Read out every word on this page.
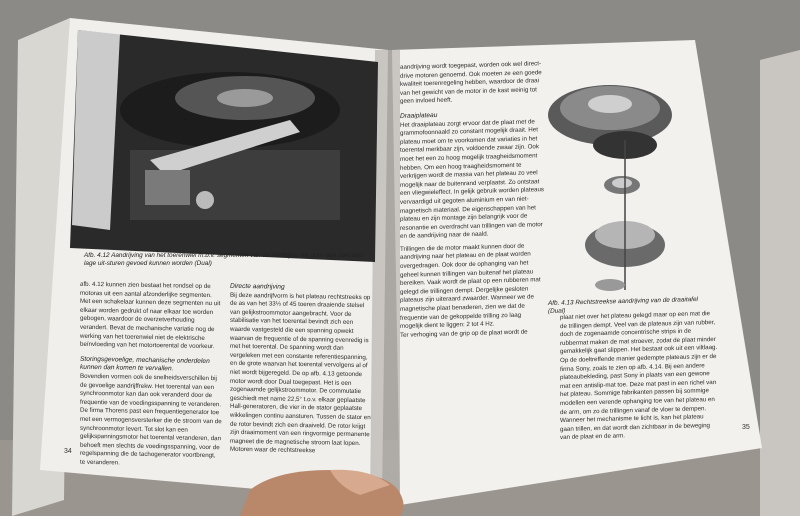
Afb. 4.12 Aandrijving van het toerenwiel m.b.v. segmenten van de aandrijfas die door een constant-lage uit-sturen gevoed kunnen worden (Dual)
afb. 4.12 kunnen zien bestaat het rondsel op de motoras uit een aantal afzonderlijke segmenten. Met een schakelaar kunnen deze segmenten nu uit elkaar worden gedrukt of naar elkaar toe worden gebogen, waardoor de overzetverhouding verandert. Bevat de mechanische variatie nog de werking van het toerenwiel niet de elektrische beïnvloeding van het motortoerental de voorkeur.
Storingsgevoelige, mechanische onderdelen kunnen dan komen te vervallen.
Bovendien vormen ook de snelheidsverschillen bij de gevoelige aandrijffrekw. Het toerental van een synchroonmotor kan dan ook veranderd door de frequentie van de voedingsspanning te veranderen. De firma Thorens past een frequentiegenerator toe met een vermogensversterker die de stroom van de synchroonmotor levert. Tot slot kan een gelijkspanningsmotor het toerental veranderen, dan behoeft men slechts de voedingsspanning, voor de regelspanning die de tachogenerator voortbrengt, te veranderen.
Directe aandrijving
Bij deze aandrijfvorm is het plateau rechtstreeks op de as van het 33⅓ of 45 toeren draaiende stelsel van gelijkstroommotor aangebracht. Voor de stabilisatie van het toerental bevindt zich een waarde vastgesteld die een spanning opwekt waarvan de frequentie of de spanning evenredig is met het toerental. De spanning wordt dan vergeleken met een constante referentiespanning, en de grote waarvan het toerental vervolgens al of niet wordt bijgeregeld. De op afb. 4.13 getoonde motor wordt door Dual toegepast. Het is een zogenaamde gelijkstroommotor. De commutatie geschiedt met name 22,5° t.o.v. elkaar geplaatste Hall-generatoren, die vier in de stator geplaatste wikkelingen continu aansturen. Tussen de stator en de rotor bevindt zich een draaiveld. De rotor krijgt zijn draaimoment van een ringvormige permanente magneet die de magnetische stroom laat lopen. Motoren waar de rechtstreekse
34
aandrijving wordt toegepast, worden ook wel direct-drive motoren genoemd. Ook moeten ze een goede kwaliteit toerenregeling hebben, waardoor de draai van het gewicht van de motor in de kast weinig tot geen invloed heeft.
Draaiplateau
Het draaiplateau zorgt ervoor dat de plaat met de grammofoonnaald zo constant mogelijk draait. Het plateau moet om te voorkomen dat variaties in het toerental merkbaar zijn, voldoende zwaar zijn. Ook moet het een zo hoog mogelijk traagheidsmoment hebben. Om een hoog traagheidsmoment te verkrijgen wordt de massa van het plateau zo veel mogelijk naar de buitenrand verplaatst. Zo ontstaat een vliegwieleffect. In gelijk gebruik worden plateaus vervaardigd uit gegoten aluminium en van niet-magnetisch materiaal. De eigenschappen van het plateau en zijn montage zijn belangrijk voor de resonantie en overdracht van trillingen van de motor en de aandrijving naar de naald.
Trillingen die de motor maakt kunnen door de aandrijving naar het plateau en de plaat worden overgedragen. Ook door de ophanging van het geheel kunnen trillingen van buitenaf het plateau bereiken. Vaak wordt de plaat op een rubberen mat gelegd die trillingen dempt. Dergelijke gesloten plateaus zijn uiteraard zwaarder. Wanneer we de magnetische plaat benaderen, zien we dat de frequentie van de gekoppelde trilling zo laag mogelijk dient te liggen: 2 tot 4 Hz.
Ter verhoging van de grip op de plaat wordt de
Afb. 4.13 Rechtstreekse aandrijving van de draaitafel (Dual)
plaat niet over het plateau gelegd maar op een mat die de trillingen dempt. Veel van de plateaus zijn van rubber, doch de zogenaamde concentrische strips in de rubbermat maken de mat stroever, zodat de plaat minder gemakkelijk gaat slippen. Het bestaat ook uit een viltlaag. Op de doeltreffende manier gedempte plateaus zijn er de firma Sony, zoals te zien op afb. 4.14. Bij een andere plateaubekleding, past Sony in plaats van een gewone mat een antislip-mat toe. Deze mat past in een richel van het plateau. Sommige fabrikanten passen bij sommige modellen een verende ophanging toe van het plateau en de arm, om zo de trillingen vanaf de vloer te dempen. Wanneer het mechanisme te licht is, kan het plateau gaan trillen, en dat wordt dan zichtbaar in de beweging van de plaat en de arm.
35
